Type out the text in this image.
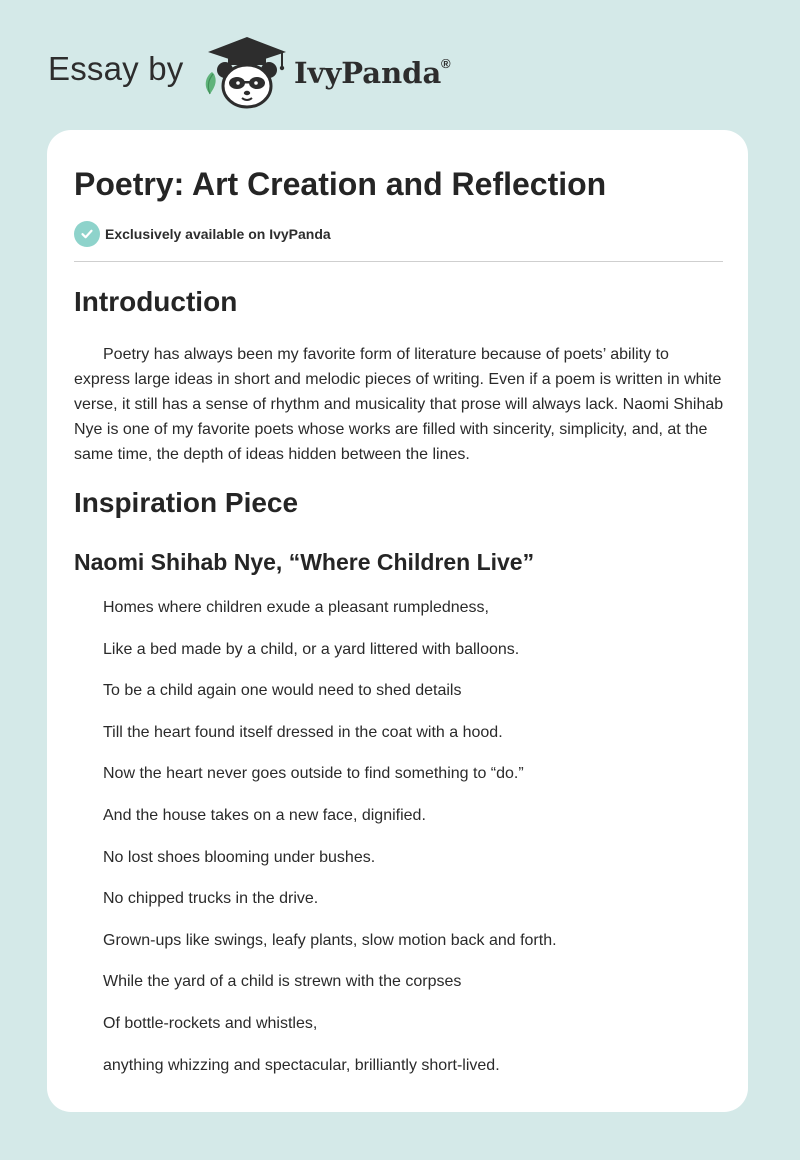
Essay by	IvyPanda ®
Poetry: Art Creation and Reflection
Exclusively available on IvyPanda
Introduction

Poetry has always been my favorite form of literature because of poets’ ability to express large ideas in short and melodic pieces of writing. Even if a poem is written in white verse, it still has a sense of rhythm and musicality that prose will always lack. Naomi Shihab Nye is one of my favorite poets whose works are filled with sincerity, simplicity, and, at the same time, the depth of ideas hidden between the lines.

Inspiration Piece
Naomi Shihab Nye, “Where Children Live”
Homes where children exude a pleasant rumpledness,
Like a bed made by a child, or a yard littered with balloons.
To be a child again one would need to shed details
Till the heart found itself dressed in the coat with a hood.
Now the heart never goes outside to find something to “do.”
And the house takes on a new face, dignified.
No lost shoes blooming under bushes.
No chipped trucks in the drive.
Grown-ups like swings, leafy plants, slow motion back and forth.
While the yard of a child is strewn with the corpses
Of bottle-rockets and whistles,
anything whizzing and spectacular, brilliantly short-lived.
